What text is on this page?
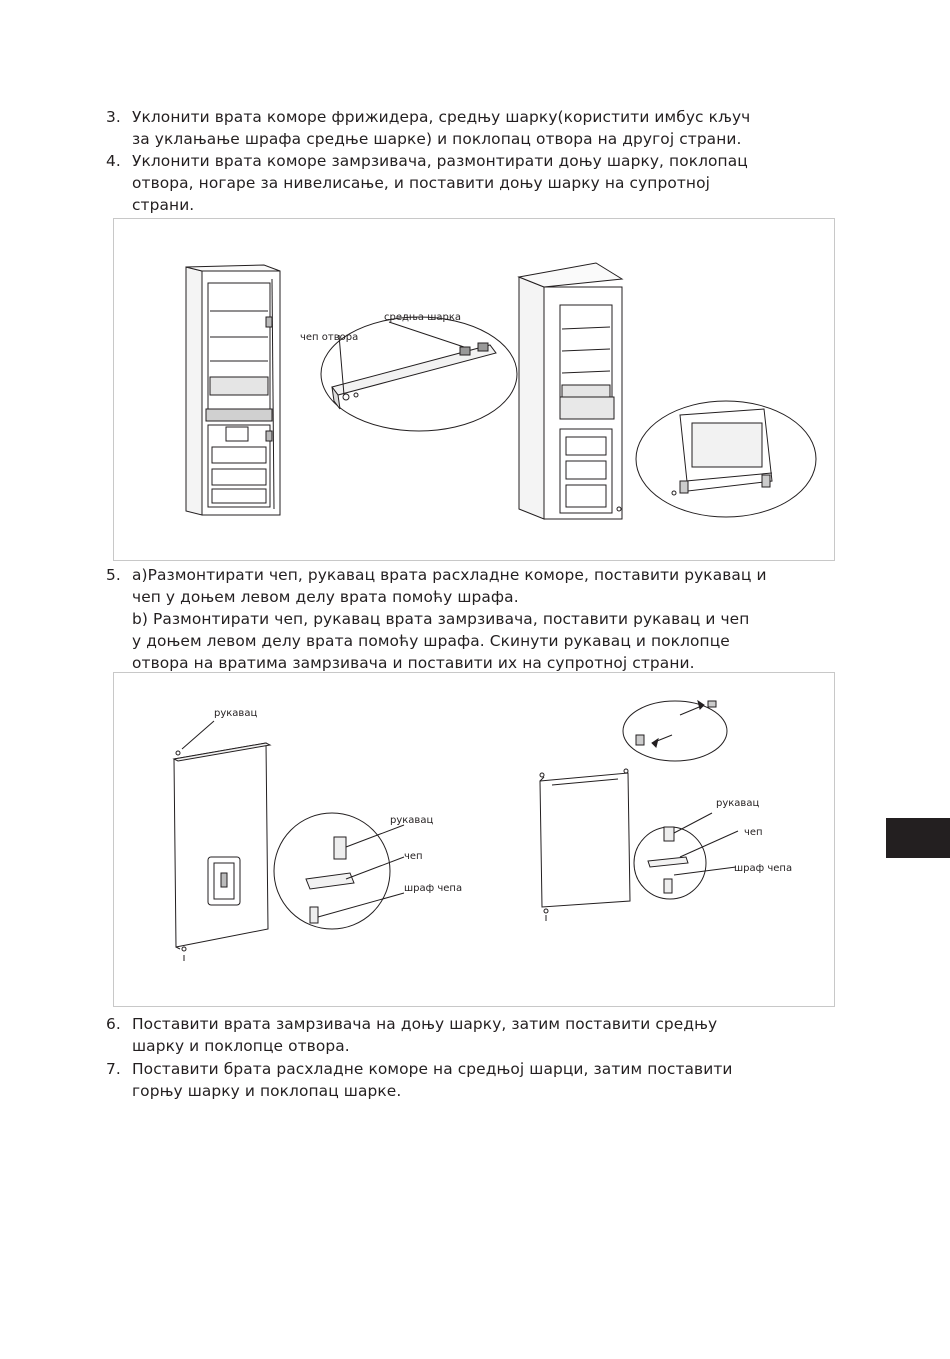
3. Уклонити врата коморе фрижидера, средњу шарку(користити имбус кључ
за уклањање шрафа средње шарке) и поклопац отвора на другој страни.
4. Уклонити врата коморе замрзивача, размонтирати доњу шарку, поклопац
отвора, ногаре за нивелисање, и поставити доњу шарку на супротној
страни.
средња шарка
чеп отвора
5. а)Размонтирати чеп, рукавац врата расхладне коморе, поставити рукавац и
чеп у доњем левом делу врата помоћу шрафа.
b) Размонтирати чеп, рукавац врата замрзивача, поставити рукавац и чеп
у доњем левом делу врата помоћу шрафа. Скинути рукавац и поклопце
отвора на вратима замрзивача и поставити их на супротној страни.
рукавац
рукавац
чеп
шраф чепа
рукавац
чеп
шраф чепа
6. Поставити врата замрзивача на доњу шарку, затим поставити средњу
шарку и поклопце отвора.
7. Поставити брата расхладне коморе на средњој шарци, затим поставити
горњу шарку и поклопац шарке.
